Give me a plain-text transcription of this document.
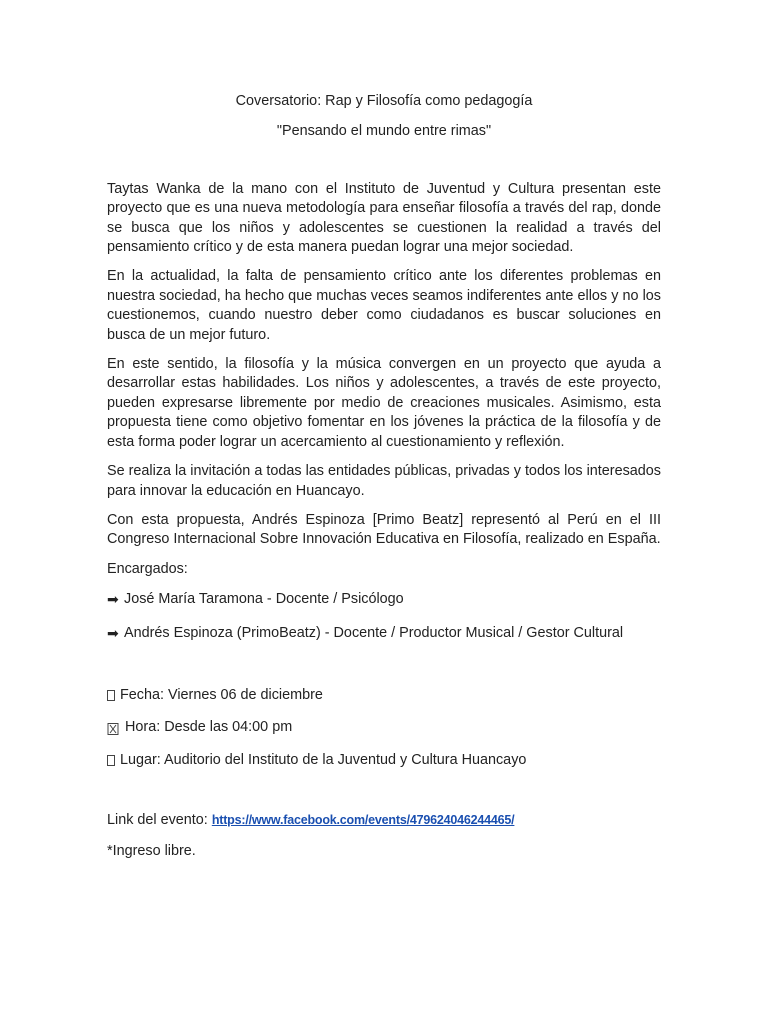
Coversatorio: Rap y Filosofía como pedagogía

"Pensando el mundo entre rimas"

Taytas Wanka de la mano con el Instituto de Juventud y Cultura presentan este proyecto que es una nueva metodología para enseñar filosofía a través del rap, donde se busca que los niños y adolescentes se cuestionen la realidad a través del pensamiento crítico y de esta manera puedan lograr una mejor sociedad.

En la actualidad, la falta de pensamiento crítico ante los diferentes problemas en nuestra sociedad, ha hecho que muchas veces seamos indiferentes ante ellos y no los cuestionemos, cuando nuestro deber como ciudadanos es buscar soluciones en busca de un mejor futuro.

En este sentido, la filosofía y la música convergen en un proyecto que ayuda a desarrollar estas habilidades. Los niños y adolescentes, a través de este proyecto, pueden expresarse libremente por medio de creaciones musicales. Asimismo, esta propuesta tiene como objetivo fomentar en los jóvenes la práctica de la filosofía y de esta forma poder lograr un acercamiento al cuestionamiento y reflexión.

Se realiza la invitación a todas las entidades públicas, privadas y todos los interesados para innovar la educación en Huancayo.

Con esta propuesta, Andrés Espinoza [Primo Beatz] representó al Perú en el III Congreso Internacional Sobre Innovación Educativa en Filosofía, realizado en España.

Encargados:

➡ José María Taramona - Docente / Psicólogo

➡ Andrés Espinoza (PrimoBeatz) - Docente / Productor Musical / Gestor Cultural

Fecha: Viernes 06 de diciembre

Hora: Desde las 04:00 pm

Lugar: Auditorio del Instituto de la Juventud y Cultura Huancayo

Link del evento: https://www.facebook.com/events/479624046244465/

*Ingreso libre.
